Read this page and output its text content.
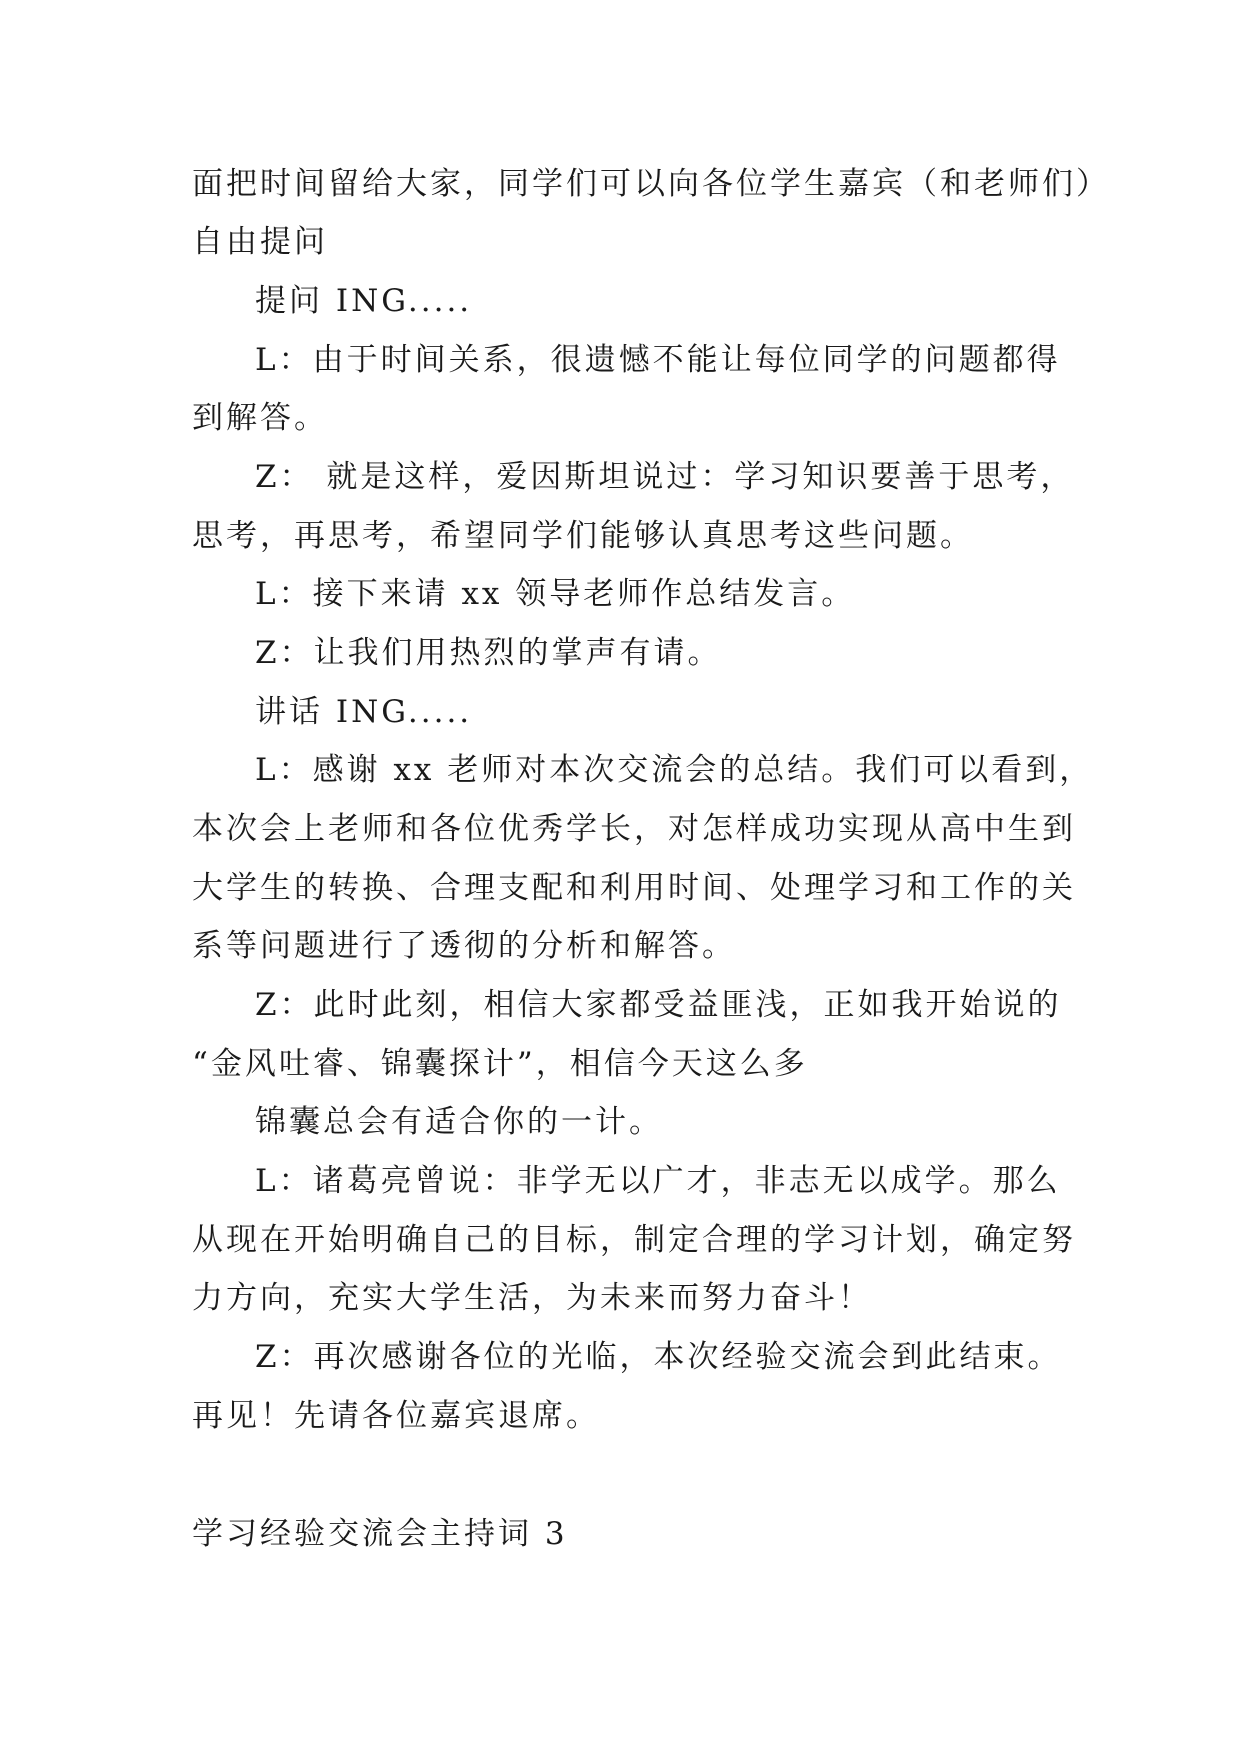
面把时间留给大家，同学们可以向各位学生嘉宾（和老师们）
自由提问
提问 ING.....
L：由于时间关系，很遗憾不能让每位同学的问题都得
到解答。
Z： 就是这样，爱因斯坦说过：学习知识要善于思考，
思考，再思考，希望同学们能够认真思考这些问题。
L：接下来请 xx 领导老师作总结发言。
Z：让我们用热烈的掌声有请。
讲话 ING.....
L：感谢 xx 老师对本次交流会的总结。我们可以看到，
本次会上老师和各位优秀学长，对怎样成功实现从高中生到
大学生的转换、合理支配和利用时间、处理学习和工作的关
系等问题进行了透彻的分析和解答。
Z：此时此刻，相信大家都受益匪浅，正如我开始说的
“金风吐睿、锦囊探计”，相信今天这么多
锦囊总会有适合你的一计。
L：诸葛亮曾说：非学无以广才，非志无以成学。那么
从现在开始明确自己的目标，制定合理的学习计划，确定努
力方向，充实大学生活，为未来而努力奋斗！
Z：再次感谢各位的光临，本次经验交流会到此结束。
再见！先请各位嘉宾退席。
学习经验交流会主持词 3
